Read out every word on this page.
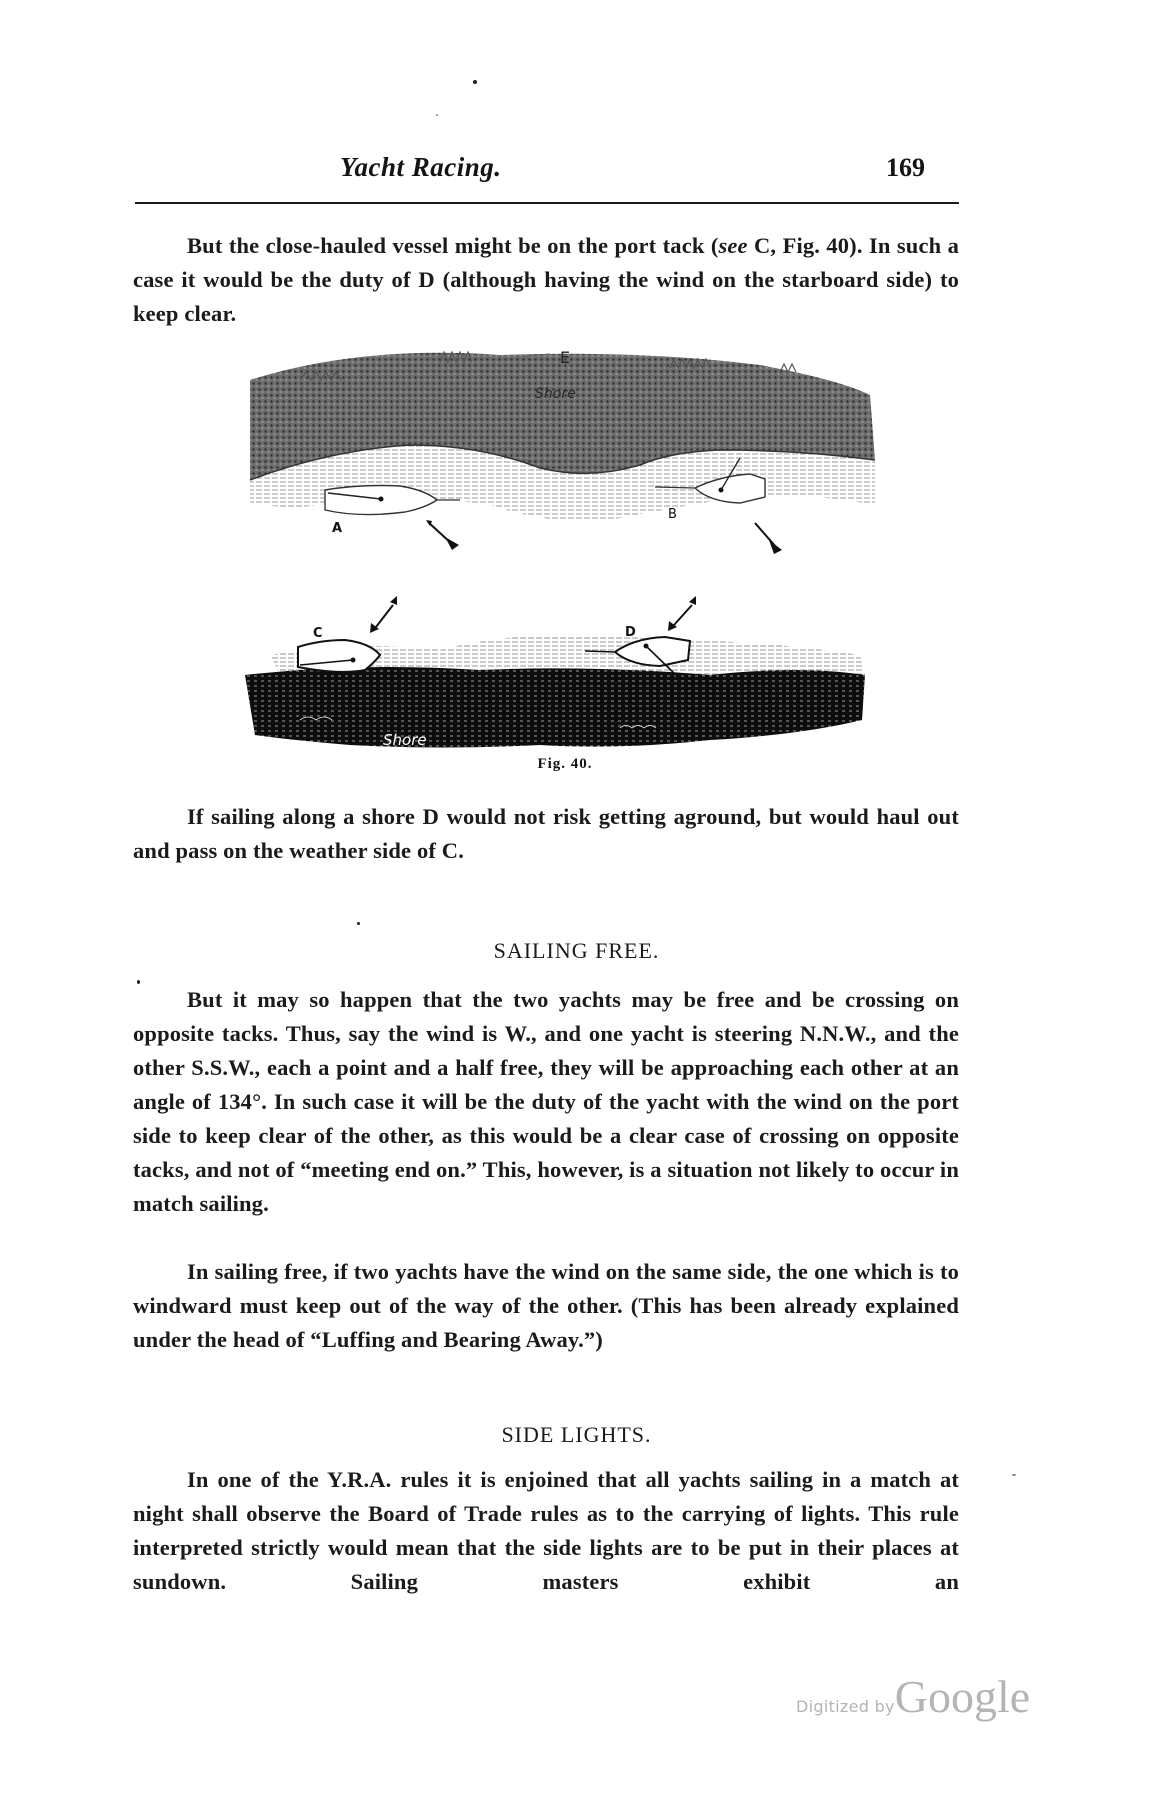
Yacht Racing.	169
But the close-hauled vessel might be on the port tack (see C, Fig. 40). In such a case it would be the duty of D (although having the wind on the starboard side) to keep clear.
E
Shore
A
B
Shore
C	D
Fig. 40.
If sailing along a shore D would not risk getting aground, but would haul out and pass on the weather side of C.
SAILING FREE.
But it may so happen that the two yachts may be free and be crossing on opposite tacks. Thus, say the wind is W., and one yacht is steering N.N.W., and the other S.S.W., each a point and a half free, they will be approaching each other at an angle of 134°. In such case it will be the duty of the yacht with the wind on the port side to keep clear of the other, as this would be a clear case of crossing on opposite tacks, and not of “meeting end on.” This, however, is a situation not likely to occur in match sailing.
In sailing free, if two yachts have the wind on the same side, the one which is to windward must keep out of the way of the other. (This has been already explained under the head of “Luffing and Bearing Away.”)
SIDE LIGHTS.
In one of the Y.R.A. rules it is enjoined that all yachts sailing in a match at night shall observe the Board of Trade rules as to the carrying of lights. This rule interpreted strictly would mean that the side lights are to be put in their places at sundown. Sailing masters exhibit an
Digitized byGoogle
